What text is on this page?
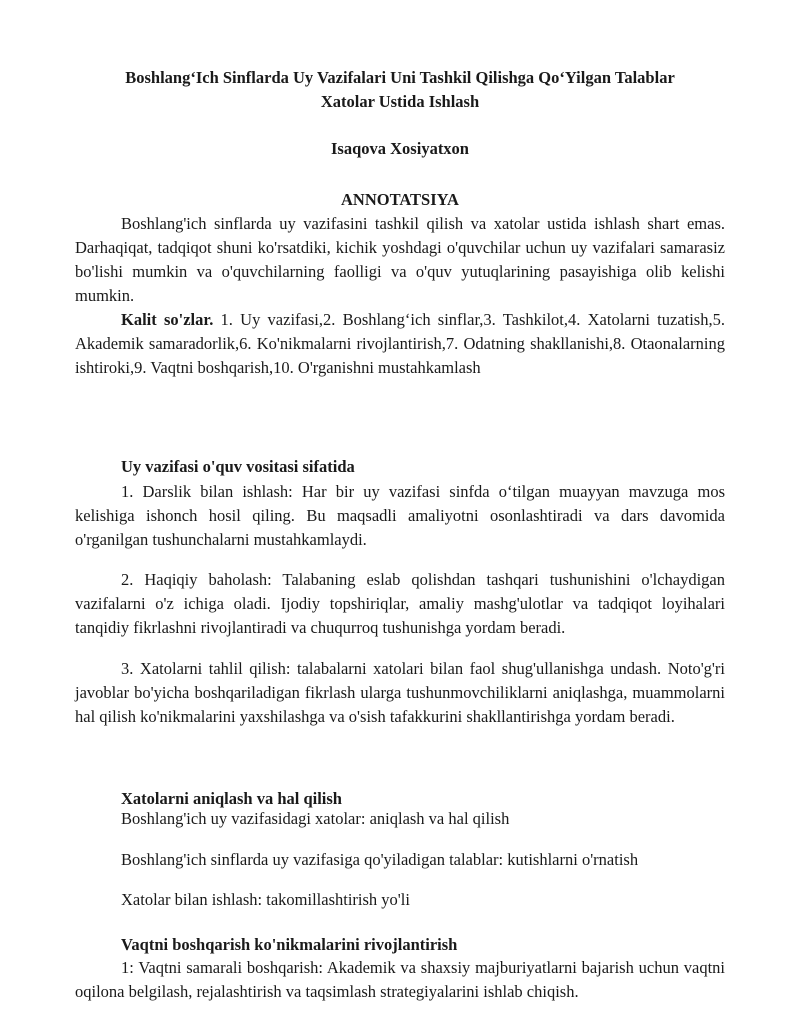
Boshlang‘Ich Sinflarda Uy Vazifalari Uni Tashkil Qilishga Qo‘Yilgan Talablar
Xatolar Ustida Ishlash
Isaqova Xosiyatxon
ANNOTATSIYA

Boshlang'ich sinflarda uy vazifasini tashkil qilish va xatolar ustida ishlash shart emas. Darhaqiqat, tadqiqot shuni ko'rsatdiki, kichik yoshdagi o'quvchilar uchun uy vazifalari samarasiz bo'lishi mumkin va o'quvchilarning faolligi va o'quv yutuqlarining pasayishiga olib kelishi mumkin.

Kalit so'zlar. 1. Uy vazifasi,2. Boshlang‘ich sinflar,3. Tashkilot,4. Xatolarni tuzatish,5. Akademik samaradorlik,6. Ko'nikmalarni rivojlantirish,7. Odatning shakllanishi,8. Otaonalarning ishtiroki,9. Vaqtni boshqarish,10. O'rganishni mustahkamlash

Uy vazifasi o'quv vositasi sifatida

1. Darslik bilan ishlash: Har bir uy vazifasi sinfda o‘tilgan muayyan mavzuga mos kelishiga ishonch hosil qiling. Bu maqsadli amaliyotni osonlashtiradi va dars davomida o'rganilgan tushunchalarni mustahkamlaydi.

2. Haqiqiy baholash: Talabaning eslab qolishdan tashqari tushunishini o'lchaydigan vazifalarni o'z ichiga oladi. Ijodiy topshiriqlar, amaliy mashg'ulotlar va tadqiqot loyihalari tanqidiy fikrlashni rivojlantiradi va chuqurroq tushunishga yordam beradi.

3. Xatolarni tahlil qilish: talabalarni xatolari bilan faol shug'ullanishga undash. Noto'g'ri javoblar bo'yicha boshqariladigan fikrlash ularga tushunmovchiliklarni aniqlashga, muammolarni hal qilish ko'nikmalarini yaxshilashga va o'sish tafakkurini shakllantirishga yordam beradi.

Xatolarni aniqlash va hal qilish

Boshlang'ich uy vazifasidagi xatolar: aniqlash va hal qilish

Boshlang'ich sinflarda uy vazifasiga qo'yiladigan talablar: kutishlarni o'rnatish

Xatolar bilan ishlash: takomillashtirish yo'li

Vaqtni boshqarish ko'nikmalarini rivojlantirish

1: Vaqtni samarali boshqarish: Akademik va shaxsiy majburiyatlarni bajarish uchun vaqtni oqilona belgilash, rejalashtirish va taqsimlash strategiyalarini ishlab chiqish.
